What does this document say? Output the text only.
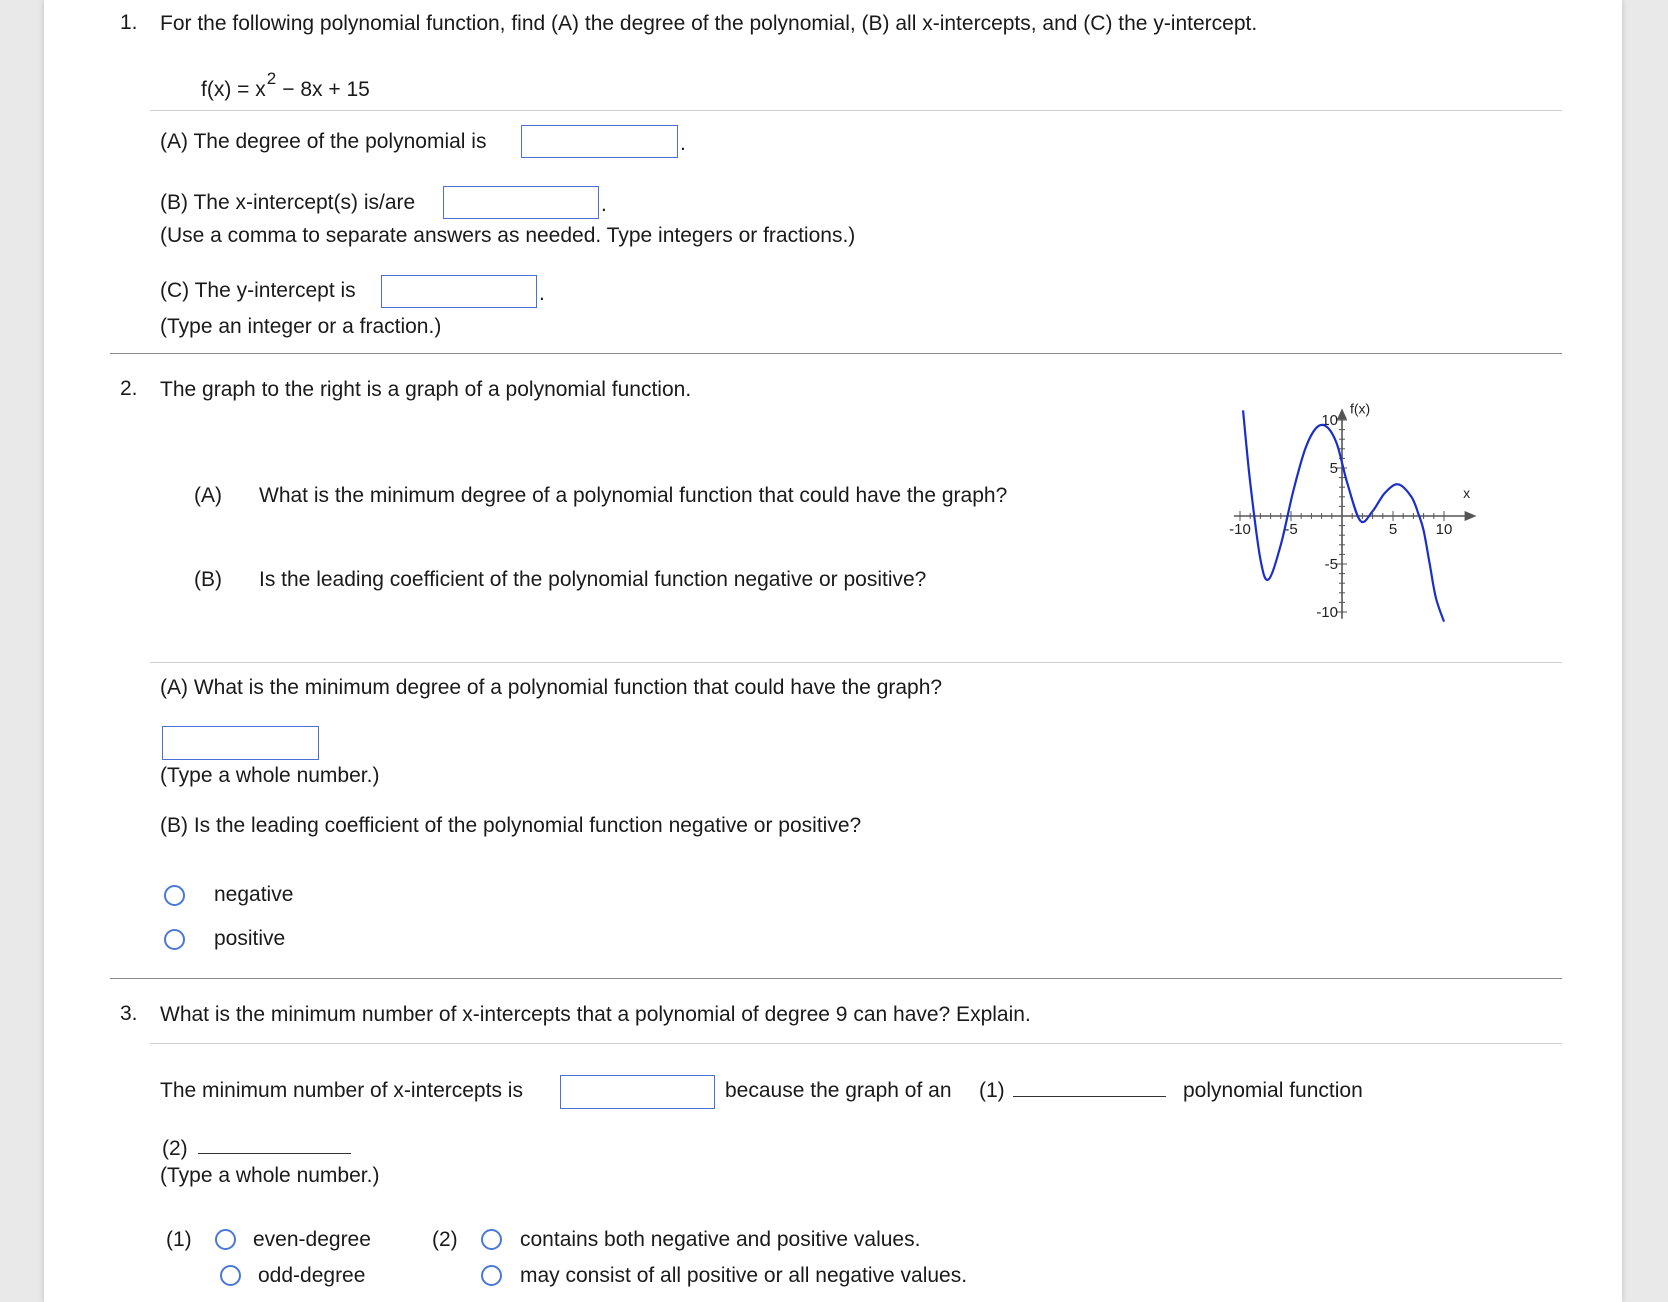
1. For the following polynomial function, find (A) the degree of the polynomial, (B) all x-intercepts, and (C) the y-intercept.
$f(x) = x^2 - 8x + 15$
(A) The degree of the polynomial is	.
(B) The x-intercept(s) is/are	.
(Use a comma to separate answers as needed. Type integers or fractions.)
(C) The y-intercept is	.
(Type an integer or a fraction.)
2. The graph to the right is a graph of a polynomial function.
(A) What is the minimum degree of a polynomial function that could have the graph?
(B) Is the leading coefficient of the polynomial function negative or positive?
-10 -5	5	10
10
5
-5
-10
f(x)
x
(A) What is the minimum degree of a polynomial function that could have the graph?
(Type a whole number.)
(B) Is the leading coefficient of the polynomial function negative or positive?
negative
positive
3. What is the minimum number of x-intercepts that a polynomial of degree 9 can have? Explain.
The minimum number of x-intercepts is	because the graph of an (1)	polynomial function
(2)
(Type a whole number.)
(1)	even-degree
odd-degree
(2)	contains both negative and positive values.
may consist of all positive or all negative values.
